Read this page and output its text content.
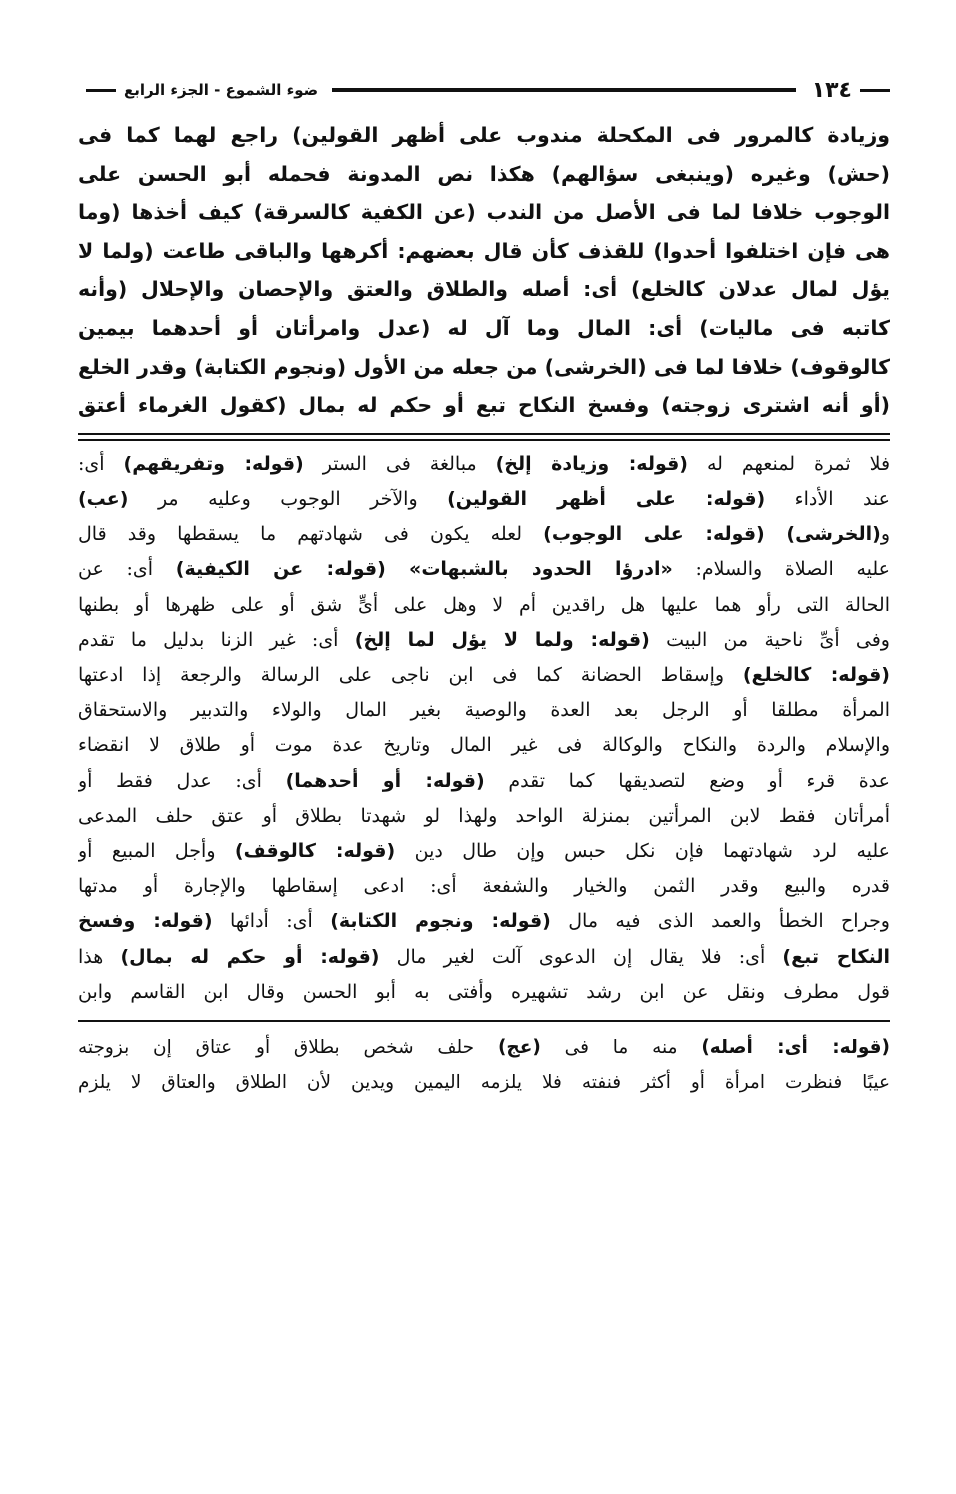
١٣٤
ضوء الشموع - الجزء الرابع
وزيادة كالمرور فى المكحلة مندوب على أظهر القولين) راجع لهما كما فى
(حش) وغيره (وينبغى سؤالهم) هكذا نص المدونة فحمله أبو الحسن على
الوجوب خلافا لما فى الأصل من الندب (عن الكفية كالسرقة) كيف أخذها (وما
هى فإن اختلفوا أحدوا) للقذف كأن قال بعضهم: أكرهها والباقى طاعت (ولما لا
يؤل لمال عدلان كالخلع) أى: أصله والطلاق والعتق والإحصان والإحلال (وأنه
كاتبه فى ماليات) أى: المال وما آل له (عدل وامرأتان أو أحدهما بيمين
كالوقوف) خلافا لما فى (الخرشى) من جعله من الأول (ونجوم الكتابة) وقدر الخلع
(أو أنه اشترى زوجته) وفسخ النكاح تبع أو حكم له بمال (كقول الغرماء أعتق
فلا ثمرة لمنعهم له (قوله: وزيادة إلخ) مبالغة فى الستر (قوله: وتفريقهم) أى:
عند الأداء (قوله: على أظهر القولين) والآخر الوجوب وعليه مر (عب)
و(الخرشى) (قوله: على الوجوب) لعله يكون فى شهادتهم ما يسقطها وقد قال
عليه الصلاة والسلام: «ادرؤا الحدود بالشبهات» (قوله: عن الكيفية) أى: عن
الحالة التى رأو هما عليها هل راقدين أم لا وهل على أىٍّ شق أو على ظهرها أو بطنها
وفى أىِّ ناحية من البيت (قوله: ولما لا يؤل لما إلخ) أى: غير الزنا بدليل ما تقدم
(قوله: كالخلع) وإسقاط الحضانة كما فى ابن ناجى على الرسالة والرجعة إذا ادعتها
المرأة مطلقا أو الرجل بعد العدة والوصية بغير المال والولاء والتدبير والاستحقاق
والإسلام والردة والنكاح والوكالة فى غير المال وتاريخ عدة موت أو طلاق لا انقضاء
عدة قرء أو وضع لتصديقها كما تقدم (قوله: أو أحدهما) أى: عدل فقط أو
أمرأتان فقط لابن المرأتين بمنزلة الواحد ولهذا لو شهدتا بطلاق أو عتق حلف المدعى
عليه لرد شهادتهما فإن نكل حبس وإن طال دين (قوله: كالوقف) وأجل المبيع أو
قدره والبيع وقدر الثمن والخيار والشفعة أى: ادعى إسقاطها والإجارة أو مدتها
وجراح الخطأ والعمد الذى فيه مال (قوله: ونجوم الكتابة) أى: أدائها (قوله: وفسخ
النكاح تبع) أى: فلا يقال إن الدعوى آلت لغير مال (قوله: أو حكم له بمال) هذا
قول مطرف ونقل عن ابن رشد تشهيره وأفتى به أبو الحسن وقال ابن القاسم وابن
(قوله: أى: أصله) منه ما فى (عج) حلف شخص بطلاق أو عتاق إن بزوجته
عيبًا فنظرت امرأة أو أكثر فنفته فلا يلزمه اليمين ويدين لأن الطلاق والعتاق لا يلزم
